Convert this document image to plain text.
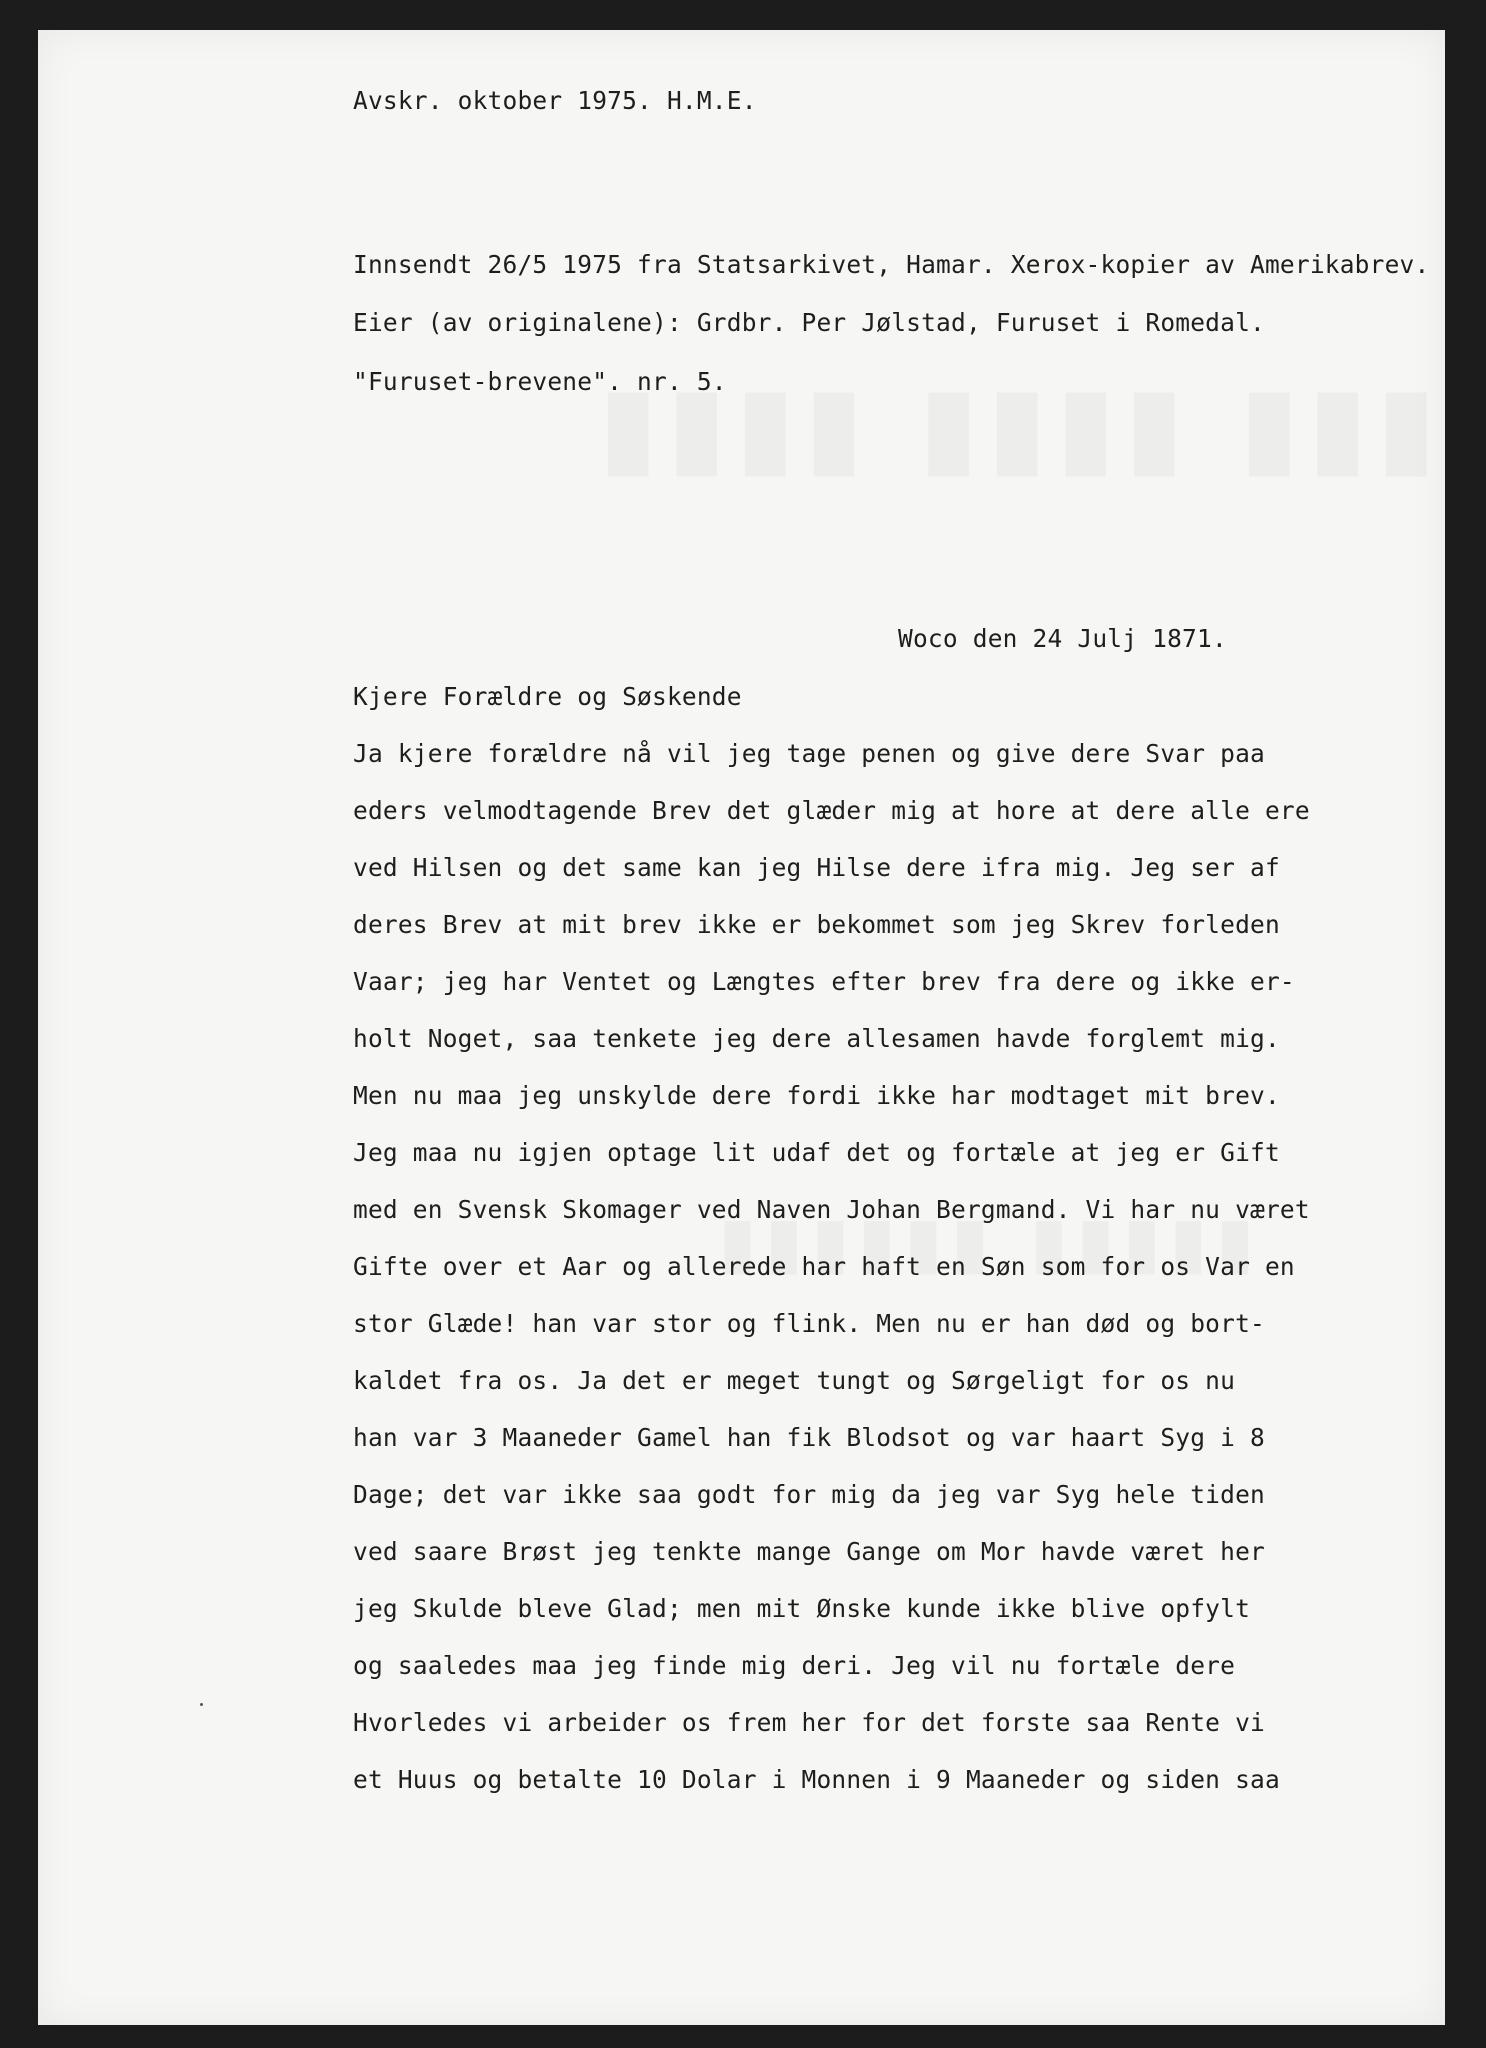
Avskr. oktober 1975. H.M.E.

Innsendt 26/5 1975 fra Statsarkivet, Hamar. Xerox-kopier av Amerikabrev.

Eier (av originalene): Grdbr. Per Jølstad, Furuset i Romedal.

"Furuset-brevene". nr. 5.

Woco den 24 Julj 1871.

Kjere Forældre og Søskende

Ja kjere forældre nå vil jeg tage penen og give dere Svar paa

eders velmodtagende Brev det glæder mig at hore at dere alle ere

ved Hilsen og det same kan jeg Hilse dere ifra mig. Jeg ser af

deres Brev at mit brev ikke er bekommet som jeg Skrev forleden

Vaar; jeg har Ventet og Længtes efter brev fra dere og ikke er-

holt Noget, saa tenkete jeg dere allesamen havde forglemt mig.

Men nu maa jeg unskylde dere fordi ikke har modtaget mit brev.

Jeg maa nu igjen optage lit udaf det og fortæle at jeg er Gift

med en Svensk Skomager ved Naven Johan Bergmand. Vi har nu været

Gifte over et Aar og allerede har haft en Søn som for os Var en

stor Glæde! han var stor og flink. Men nu er han død og bort-

kaldet fra os. Ja det er meget tungt og Sørgeligt for os nu

han var 3 Maaneder Gamel han fik Blodsot og var haart Syg i 8

Dage; det var ikke saa godt for mig da jeg var Syg hele tiden

ved saare Brøst jeg tenkte mange Gange om Mor havde været her

jeg Skulde bleve Glad; men mit Ønske kunde ikke blive opfylt

og saaledes maa jeg finde mig deri. Jeg vil nu fortæle dere

Hvorledes vi arbeider os frem her for det forste saa Rente vi

et Huus og betalte 10 Dolar i Monnen i 9 Maaneder og siden saa
